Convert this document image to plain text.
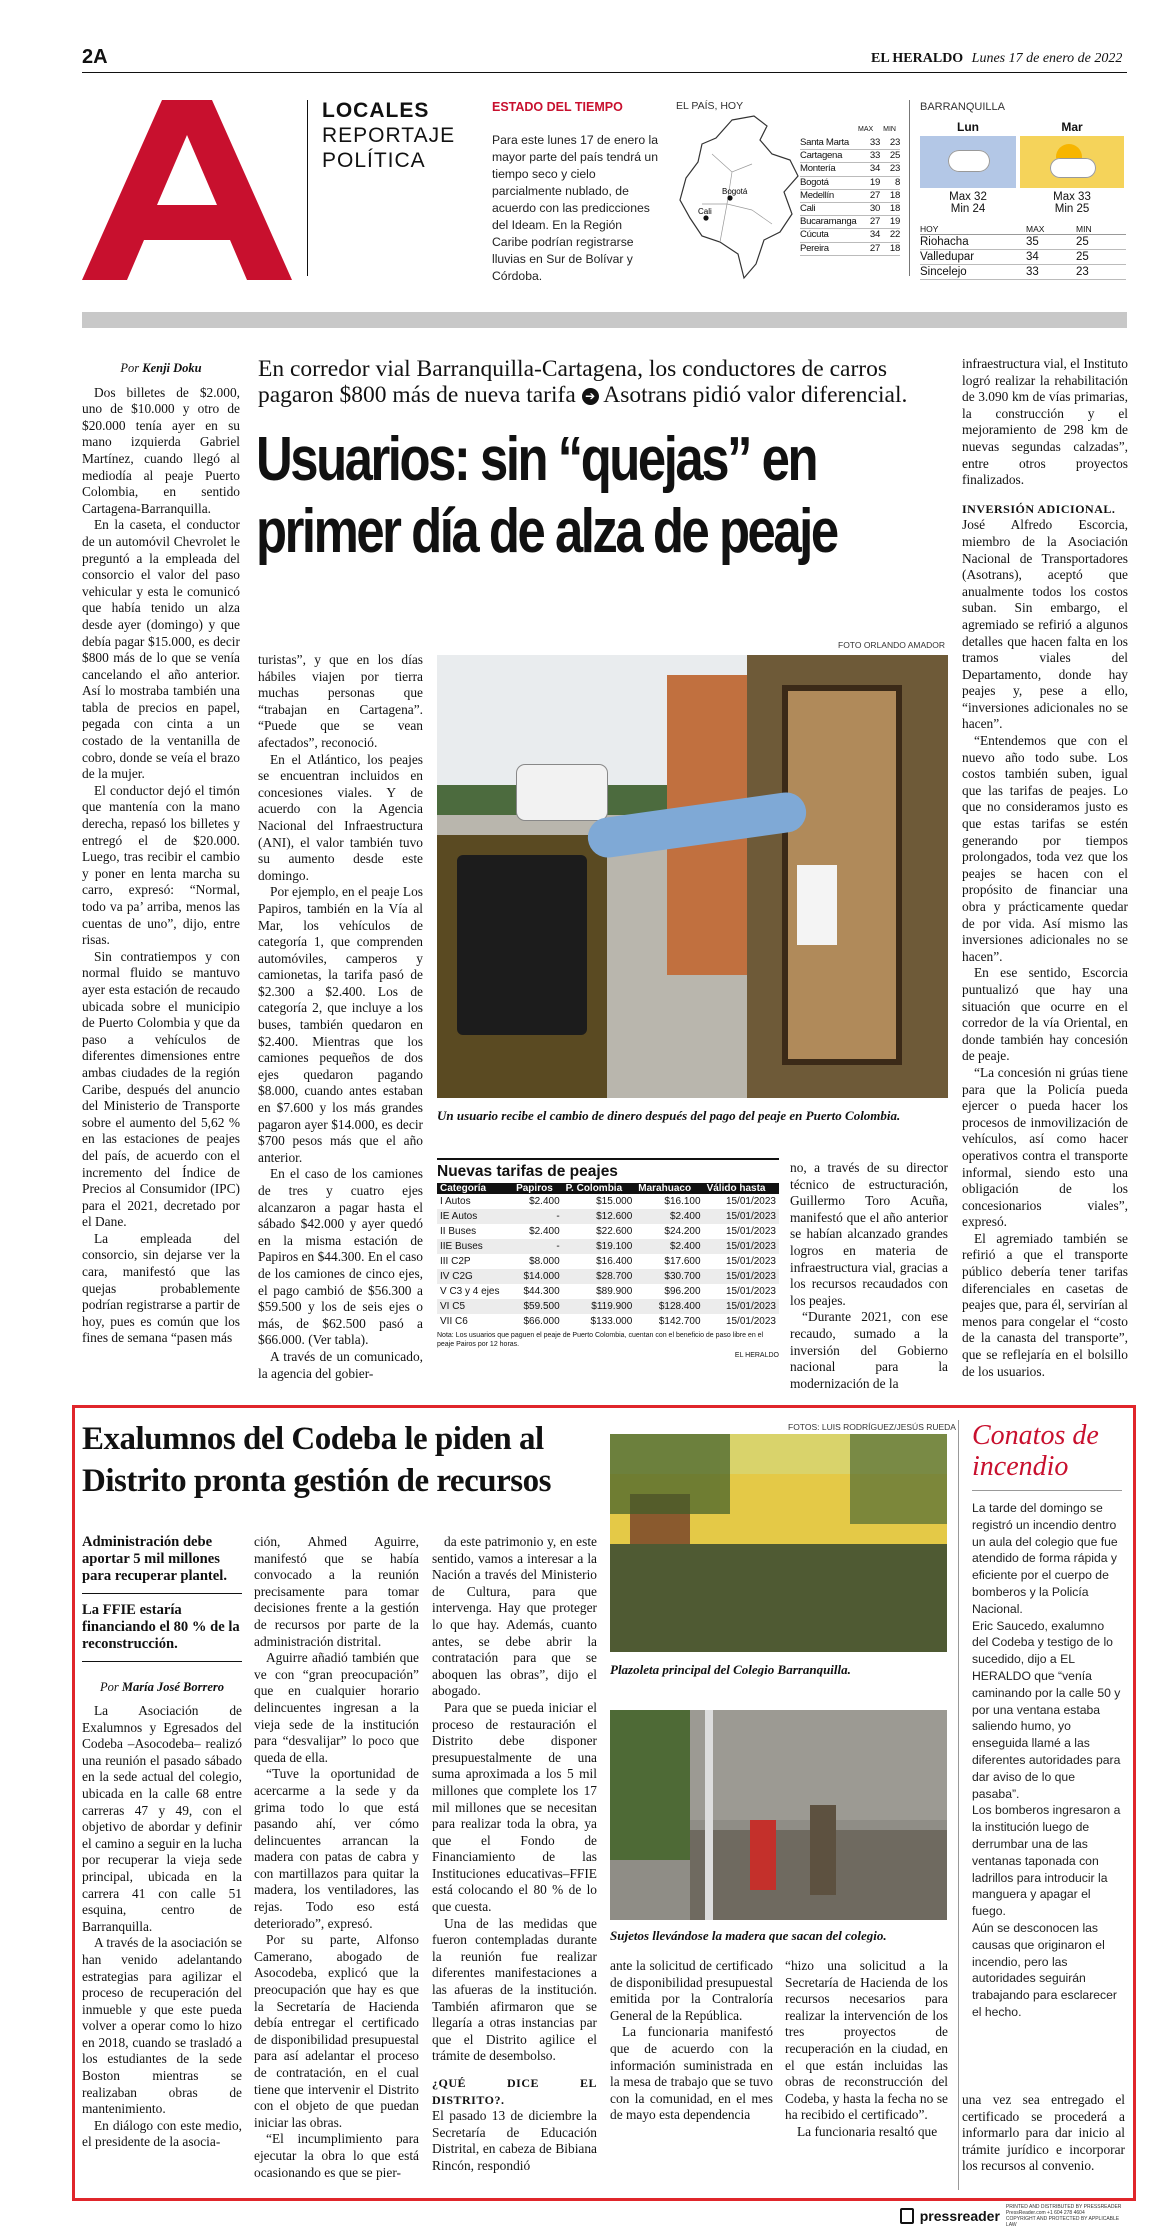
2A	EL HERALDO Lunes 17 de enero de 2022
LOCALES
REPORTAJE
POLÍTICA
ESTADO DEL TIEMPO
Para este lunes 17 de enero la mayor parte del país tendrá un tiempo seco y cielo parcialmente nublado, de acuerdo con las predicciones del Ideam. En la Región Caribe podrían registrarse lluvias en Sur de Bolívar y Córdoba.
EL PAÍS, HOY
Bogotá
Cali
MAX MIN
Santa Marta	33	23
Cartagena	33	25
Montería	34	23
Bogotá	19	8
Medellín	27	18
Cali	30	18
Bucaramanga	27	19
Cúcuta	34	22
Pereira	27	18
BARRANQUILLA
Lun
Max 32
Min 24
Mar
Max 33
Min 25
HOY	MAX	MIN
Riohacha	35	25
Valledupar	34	25
Sincelejo	33	23
Por Kenji Doku

Dos billetes de $2.000, uno de $10.000 y otro de $20.000 tenía ayer en su mano izquierda Gabriel Martínez, cuando llegó al mediodía al peaje Puerto Colombia, en sentido Cartagena-Barranquilla.

En la caseta, el conductor de un automóvil Chevrolet le preguntó a la empleada del consorcio el valor del paso vehicular y esta le comunicó que había tenido un alza desde ayer (domingo) y que debía pagar $15.000, es decir $800 más de lo que se venía cancelando el año anterior. Así lo mostraba también una tabla de precios en papel, pegada con cinta a un costado de la ventanilla de cobro, donde se veía el brazo de la mujer.

El conductor dejó el timón que mantenía con la mano derecha, repasó los billetes y entregó el de $20.000. Luego, tras recibir el cambio y poner en lenta marcha su carro, expresó: “Normal, todo va pa’ arriba, menos las cuentas de uno”, dijo, entre risas.

Sin contratiempos y con normal fluido se mantuvo ayer esta estación de recaudo ubicada sobre el municipio de Puerto Colombia y que da paso a vehículos de diferentes dimensiones entre ambas ciudades de la región Caribe, después del anuncio del Ministerio de Transporte sobre el aumento del 5,62 % en las estaciones de peajes del país, de acuerdo con el incremento del Índice de Precios al Consumidor (IPC) para el 2021, decretado por el Dane.

La empleada del consorcio, sin dejarse ver la cara, manifestó que las quejas probablemente podrían registrarse a partir de hoy, pues es común que los fines de semana “pasen más

En corredor vial Barranquilla-Cartagena, los conductores de carros pagaron $800 más de nueva tarifa ➔ Asotrans pidió valor diferencial.
Usuarios: sin “quejas” en primer día de alza de peaje
FOTO ORLANDO AMADOR

turistas”, y que en los días hábiles viajen por tierra muchas personas que “trabajan en Cartagena”. “Puede que se vean afectados”, reconoció.

En el Atlántico, los peajes se encuentran incluidos en concesiones viales. Y de acuerdo con la Agencia Nacional del Infraestructura (ANI), el valor también tuvo su aumento desde este domingo.

Por ejemplo, en el peaje Los Papiros, también en la Vía al Mar, los vehículos de categoría 1, que comprenden automóviles, camperos y camionetas, la tarifa pasó de $2.300 a $2.400. Los de categoría 2, que incluye a los buses, también quedaron en $2.400. Mientras que los camiones pequeños de dos ejes quedaron pagando $8.000, cuando antes estaban en $7.600 y los más grandes pagaron ayer $14.000, es decir $700 pesos más que el año anterior.

En el caso de los camiones de tres y cuatro ejes alcanzaron a pagar hasta el sábado $42.000 y ayer quedó en la misma estación de Papiros en $44.300. En el caso de los camiones de cinco ejes, el pago cambió de $56.300 a $59.500 y los de seis ejes o más, de $62.500 pasó a $66.000. (Ver tabla).

A través de un comunicado, la agencia del gobier-

Un usuario recibe el cambio de dinero después del pago del peaje en Puerto Colombia.
Nuevas tarifas de peajes
Categoría	Papiros	P. Colombia	Marahuaco	Válido hasta
I Autos	$2.400	$15.000	$16.100	15/01/2023
IE Autos	-	$12.600	$2.400	15/01/2023
II Buses	$2.400	$22.600	$24.200	15/01/2023
IIE Buses	-	$19.100	$2.400	15/01/2023
III C2P	$8.000	$16.400	$17.600	15/01/2023
IV C2G	$14.000	$28.700	$30.700	15/01/2023
V C3 y 4 ejes	$44.300	$89.900	$96.200	15/01/2023
VI C5	$59.500	$119.900	$128.400	15/01/2023
VII C6	$66.000	$133.000	$142.700	15/01/2023
Nota: Los usuarios que paguen el peaje de Puerto Colombia, cuentan con el beneficio de paso libre en el peaje Pairos por 12 horas.
EL HERALDO

no, a través de su director técnico de estructuración, Guillermo Toro Acuña, manifestó que el año anterior se habían alcanzado grandes logros en materia de infraestructura vial, gracias a los recursos recaudados con los peajes.

“Durante 2021, con ese recaudo, sumado a la inversión del Gobierno nacional para la modernización de la

infraestructura vial, el Instituto logró realizar la rehabilitación de 3.090 km de vías primarias, la construcción y el mejoramiento de 298 km de nuevas segundas calzadas”, entre otros proyectos finalizados.

INVERSIÓN ADICIONAL.

José Alfredo Escorcia, miembro de la Asociación Nacional de Transportadores (Asotrans), aceptó que anualmente todos los costos suban. Sin embargo, el agremiado se refirió a algunos detalles que hacen falta en los tramos viales del Departamento, donde hay peajes y, pese a ello, “inversiones adicionales no se hacen”.

“Entendemos que con el nuevo año todo sube. Los costos también suben, igual que las tarifas de peajes. Lo que no consideramos justo es que estas tarifas se estén generando por tiempos prolongados, toda vez que los peajes se hacen con el propósito de financiar una obra y prácticamente quedar de por vida. Así mismo las inversiones adicionales no se hacen”.

En ese sentido, Escorcia puntualizó que hay una situación que ocurre en el corredor de la vía Oriental, en donde también hay concesión de peaje.

“La concesión ni grúas tiene para que la Policía pueda ejercer o pueda hacer los procesos de inmovilización de vehículos, así como hacer operativos contra el transporte informal, siendo esto una obligación de los concesionarios viales”, expresó.

El agremiado también se refirió a que el transporte público debería tener tarifas diferenciales en casetas de peajes que, para él, servirían al menos para congelar el “costo de la canasta del transporte”, que se reflejaría en el bolsillo de los usuarios.

Exalumnos del Codeba le piden al Distrito pronta gestión de recursos
FOTOS: LUIS RODRÍGUEZ/JESÚS RUEDA
Administración debe aportar 5 mil millones para recuperar plantel.
La FFIE estaría financiando el 80 % de la reconstrucción.
Por María José Borrero

La Asociación de Exalumnos y Egresados del Codeba –Asocodeba– realizó una reunión el pasado sábado en la sede actual del colegio, ubicada en la calle 68 entre carreras 47 y 49, con el objetivo de abordar y definir el camino a seguir en la lucha por recuperar la vieja sede principal, ubicada en la carrera 41 con calle 51 esquina, centro de Barranquilla.

A través de la asociación se han venido adelantando estrategias para agilizar el proceso de recuperación del inmueble y que este pueda volver a operar como lo hizo en 2018, cuando se trasladó a los estudiantes de la sede Boston mientras se realizaban obras de mantenimiento.

En diálogo con este medio, el presidente de la asocia-

ción, Ahmed Aguirre, manifestó que se había convocado a la reunión precisamente para tomar decisiones frente a la gestión de recursos por parte de la administración distrital.

Aguirre añadió también que ve con “gran preocupación” que en cualquier horario delincuentes ingresan a la vieja sede de la institución para “desvalijar” lo poco que queda de ella.

“Tuve la oportunidad de acercarme a la sede y da grima todo lo que está pasando ahí, ver cómo delincuentes arrancan la madera con patas de cabra y con martillazos para quitar la madera, los ventiladores, las rejas. Todo eso está deteriorado”, expresó.

Por su parte, Alfonso Camerano, abogado de Asocodeba, explicó que la preocupación que hay es que la Secretaría de Hacienda debía entregar el certificado de disponibilidad presupuestal para así adelantar el proceso de contratación, en el cual tiene que intervenir el Distrito con el objeto de que puedan iniciar las obras.

“El incumplimiento para ejecutar la obra lo que está ocasionando es que se pier-

da este patrimonio y, en este sentido, vamos a interesar a la Nación a través del Ministerio de Cultura, para que intervenga. Hay que proteger lo que hay. Además, cuanto antes, se debe abrir la contratación para que se aboquen las obras”, dijo el abogado.

Para que se pueda iniciar el proceso de restauración el Distrito debe disponer presupuestalmente de una suma aproximada a los 5 mil millones que complete los 17 mil millones que se necesitan para realizar toda la obra, ya que el Fondo de Financiamiento de las Instituciones educativas–FFIE está colocando el 80 % de lo que cuesta.

Una de las medidas que fueron contempladas durante la reunión fue realizar diferentes manifestaciones a las afueras de la institución. También afirmaron que se llegaría a otras instancias par que el Distrito agilice el trámite de desembolso.

¿QUÉ DICE EL DISTRITO?.

El pasado 13 de diciembre la Secretaría de Educación Distrital, en cabeza de Bibiana Rincón, respondió

Plazoleta principal del Colegio Barranquilla.
Sujetos llevándose la madera que sacan del colegio.

ante la solicitud de certificado de disponibilidad presupuestal emitida por la Contraloría General de la República.

La funcionaria manifestó que de acuerdo con la información suministrada en la mesa de trabajo que se tuvo con la comunidad, en el mes de mayo esta dependencia

“hizo una solicitud a la Secretaría de Hacienda de los recursos necesarios para realizar la intervención de los tres proyectos de recuperación en la ciudad, en el que están incluidas las obras de reconstrucción del Codeba, y hasta la fecha no se ha recibido el certificado”.

La funcionaria resaltó que

Conatos de incendio
La tarde del domingo se registró un incendio dentro un aula del colegio que fue atendido de forma rápida y eficiente por el cuerpo de bomberos y la Policía Nacional.
Eric Saucedo, exalumno del Codeba y testigo de lo sucedido, dijo a EL HERALDO que “venía caminando por la calle 50 y por una ventana estaba saliendo humo, yo enseguida llamé a las diferentes autoridades para dar aviso de lo que pasaba”.
Los bomberos ingresaron a la institución luego de derrumbar una de las ventanas taponada con ladrillos para introducir la manguera y apagar el fuego.
Aún se desconocen las causas que originaron el incendio, pero las autoridades seguirán trabajando para esclarecer el hecho.
una vez sea entregado el certificado se procederá a informarlo para dar inicio al trámite jurídico e incorporar los recursos al convenio.
pressreader
PRINTED AND DISTRIBUTED BY PRESSREADER
PressReader.com +1 604 278 4604
COPYRIGHT AND PROTECTED BY APPLICABLE LAW
